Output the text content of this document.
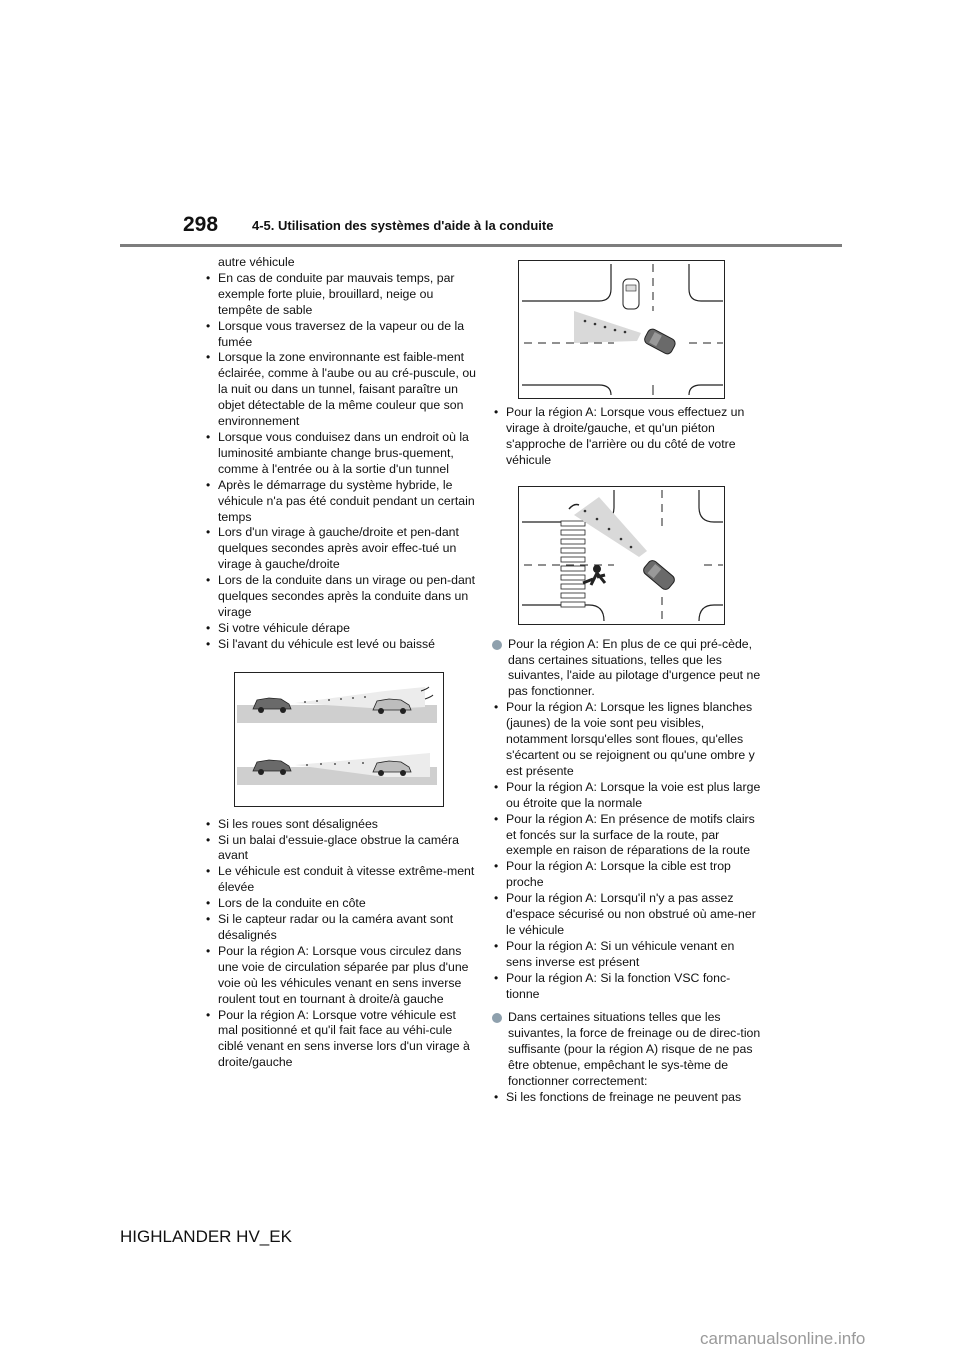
298	4-5. Utilisation des systèmes d'aide à la conduite
autre véhicule
• En cas de conduite par mauvais temps, par exemple forte pluie, brouillard, neige ou tempête de sable
• Lorsque vous traversez de la vapeur ou de la fumée
• Lorsque la zone environnante est faible-ment éclairée, comme à l'aube ou au cré-puscule, ou la nuit ou dans un tunnel, faisant paraître un objet détectable de la même couleur que son environnement
• Lorsque vous conduisez dans un endroit où la luminosité ambiante change brus-quement, comme à l'entrée ou à la sortie d'un tunnel
• Après le démarrage du système hybride, le véhicule n'a pas été conduit pendant un certain temps
• Lors d'un virage à gauche/droite et pen-dant quelques secondes après avoir effec-tué un virage à gauche/droite
• Lors de la conduite dans un virage ou pen-dant quelques secondes après la conduite dans un virage
• Si votre véhicule dérape
• Si l'avant du véhicule est levé ou baissé
• Si les roues sont désalignées
• Si un balai d'essuie-glace obstrue la caméra avant
• Le véhicule est conduit à vitesse extrême-ment élevée
• Lors de la conduite en côte
• Si le capteur radar ou la caméra avant sont désalignés
• Pour la région A: Lorsque vous circulez dans une voie de circulation séparée par plus d'une voie où les véhicules venant en sens inverse roulent tout en tournant à droite/à gauche
• Pour la région A: Lorsque votre véhicule est mal positionné et qu'il fait face au véhi-cule ciblé venant en sens inverse lors d'un virage à droite/gauche
• Pour la région A: Lorsque vous effectuez un virage à droite/gauche, et qu'un piéton s'approche de l'arrière ou du côté de votre véhicule
Pour la région A: En plus de ce qui pré-cède, dans certaines situations, telles que les suivantes, l'aide au pilotage d'urgence peut ne pas fonctionner.
• Pour la région A: Lorsque les lignes blanches (jaunes) de la voie sont peu visibles, notamment lorsqu'elles sont floues, qu'elles s'écartent ou se rejoignent ou qu'une ombre y est présente
• Pour la région A: Lorsque la voie est plus large ou étroite que la normale
• Pour la région A: En présence de motifs clairs et foncés sur la surface de la route, par exemple en raison de réparations de la route
• Pour la région A: Lorsque la cible est trop proche
• Pour la région A: Lorsqu'il n'y a pas assez d'espace sécurisé ou non obstrué où ame-ner le véhicule
• Pour la région A: Si un véhicule venant en sens inverse est présent
• Pour la région A: Si la fonction VSC fonc-tionne
Dans certaines situations telles que les suivantes, la force de freinage ou de direc-tion suffisante (pour la région A) risque de ne pas être obtenue, empêchant le sys-tème de fonctionner correctement:
• Si les fonctions de freinage ne peuvent pas
HIGHLANDER HV_EK
carmanualsonline.info
